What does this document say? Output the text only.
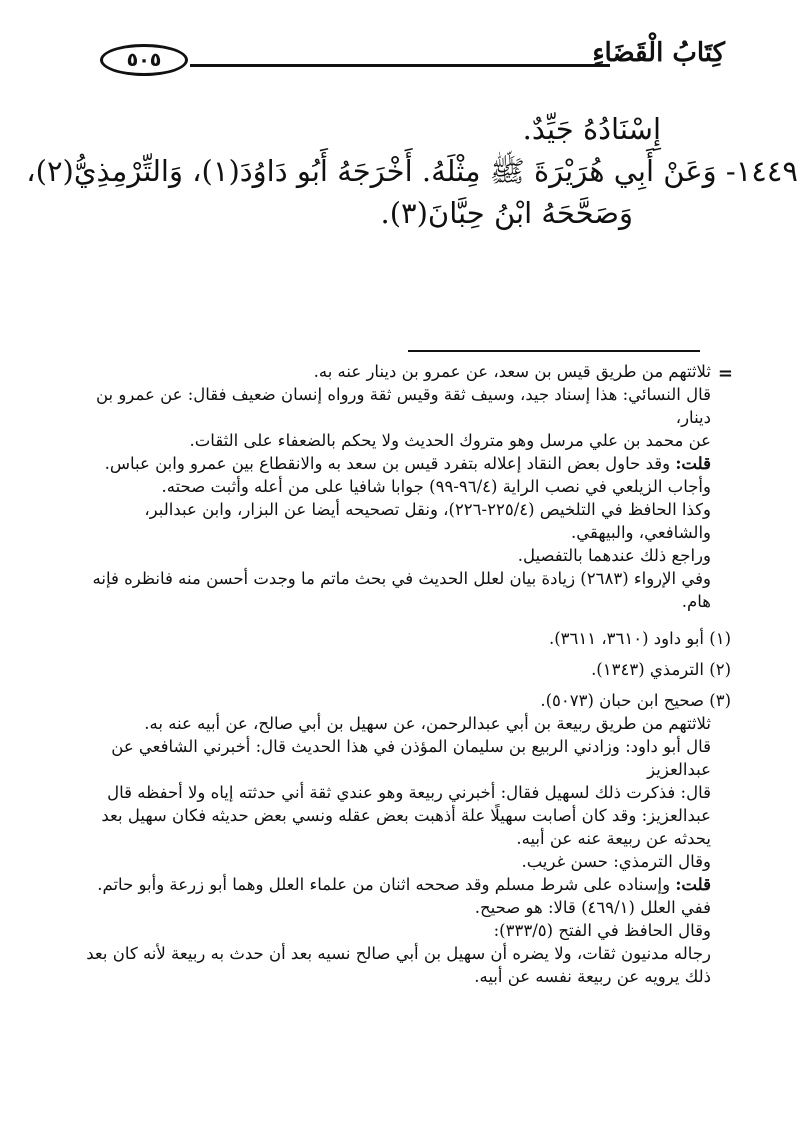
٥٠٥	كِتَابُ الْقَضَاءِ

إِسْنَادُهُ جَيِّدٌ.

١٤٤٩- وَعَنْ أَبِي هُرَيْرَةَ ﷺ مِثْلَهُ. أَخْرَجَهُ أَبُو دَاوُدَ(١)، وَالتِّرْمِذِيُّ(٢)،

وَصَحَّحَهُ ابْنُ حِبَّانَ(٣).

=

ثلاثتهم من طريق قيس بن سعد، عن عمرو بن دينار عنه به.

قال النسائي: هذا إسناد جيد، وسيف ثقة وقيس ثقة ورواه إنسان ضعيف فقال: عن عمرو بن دينار،

عن محمد بن علي مرسل وهو متروك الحديث ولا يحكم بالضعفاء على الثقات.

قلت: وقد حاول بعض النقاد إعلاله بتفرد قيس بن سعد به والانقطاع بين عمرو وابن عباس.

وأجاب الزيلعي في نصب الراية (٩٦/٤-٩٩) جوابا شافيا على من أعله وأثبت صحته.

وكذا الحافظ في التلخيص (٢٢٥/٤-٢٢٦)، ونقل تصحيحه أيضا عن البزار، وابن عبدالبر،

والشافعي، والبيهقي.

وراجع ذلك عندهما بالتفصيل.

وفي الإرواء (٢٦٨٣) زيادة بيان لعلل الحديث في بحث ماتم ما وجدت أحسن منه فانظره فإنه هام.

(١) أبو داود (٣٦١٠، ٣٦١١).

(٢) الترمذي (١٣٤٣).

(٣) صحيح ابن حبان (٥٠٧٣).

ثلاثتهم من طريق ربيعة بن أبي عبدالرحمن، عن سهيل بن أبي صالح، عن أبيه عنه به.

قال أبو داود: وزادني الربيع بن سليمان المؤذن في هذا الحديث قال: أخبرني الشافعي عن عبدالعزيز

قال: فذكرت ذلك لسهيل فقال: أخبرني ربيعة وهو عندي ثقة أني حدثته إياه ولا أحفظه قال

عبدالعزيز: وقد كان أصابت سهيلًا علة أذهبت بعض عقله ونسي بعض حديثه فكان سهيل بعد

يحدثه عن ربيعة عنه عن أبيه.

وقال الترمذي: حسن غريب.

قلت: وإسناده على شرط مسلم وقد صححه اثنان من علماء العلل وهما أبو زرعة وأبو حاتم.

ففي العلل (٤٦٩/١) قالا: هو صحيح.

وقال الحافظ في الفتح (٣٣٣/٥):

رجاله مدنيون ثقات، ولا يضره أن سهيل بن أبي صالح نسيه بعد أن حدث به ربيعة لأنه كان بعد

ذلك يرويه عن ربيعة نفسه عن أبيه.
